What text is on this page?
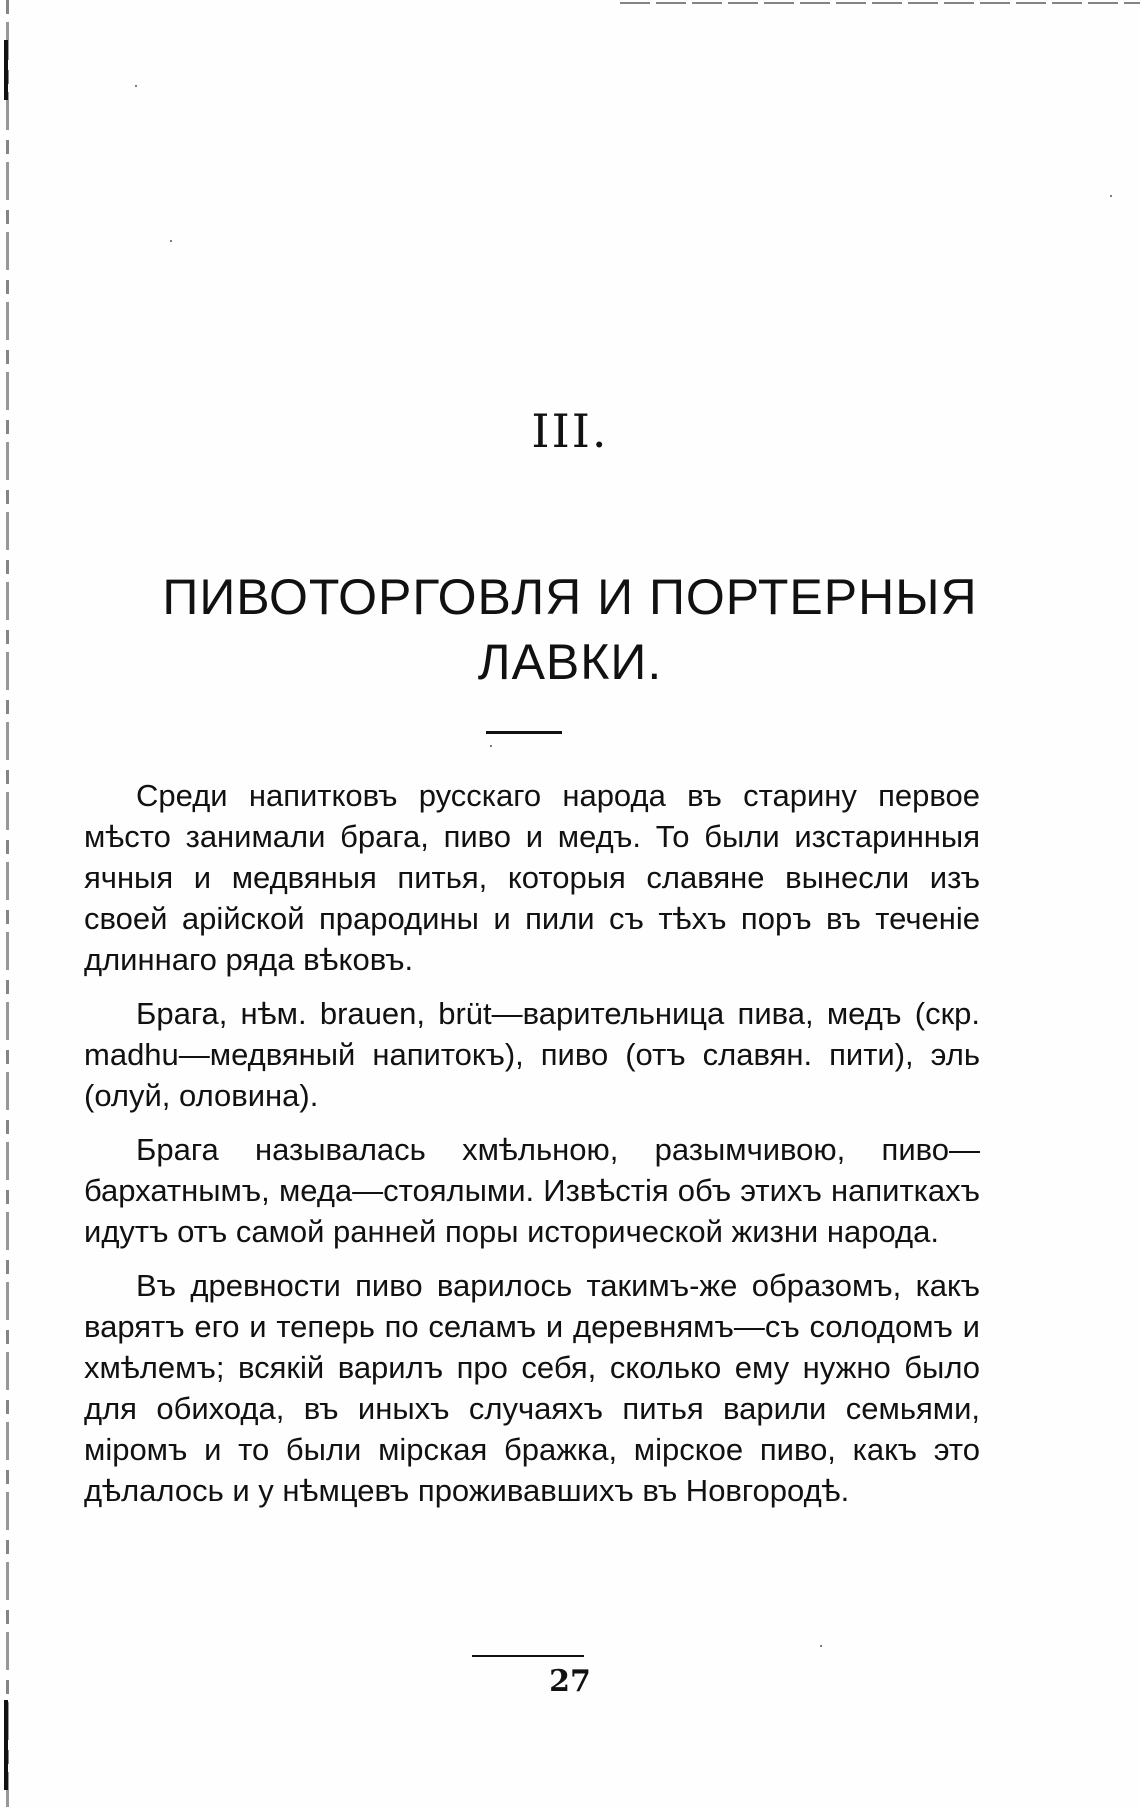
III.
ПИВОТОРГОВЛЯ И ПОРТЕРНЫЯ
ЛАВКИ.

Среди напитковъ русскаго народа въ старину первое мѣсто занимали брага, пиво и медъ. То были изстаринныя ячныя и медвяныя питья, которыя славяне вынесли изъ своей арійской прародины и пили съ тѣхъ поръ въ теченіе длиннаго ряда вѣковъ.

Брага, нѣм. brauen, brüt—варительница пива, медъ (скр. madhu—медвяный напитокъ), пиво (отъ славян. пити), эль (олуй, оловина).

Брага называлась хмѣльною, разымчивою, пиво—бархатнымъ, меда—стоялыми. Извѣстія объ этихъ напиткахъ идутъ отъ самой ранней поры исторической жизни народа.

Въ древности пиво варилось такимъ-же образомъ, какъ варятъ его и теперь по селамъ и деревнямъ—съ солодомъ и хмѣлемъ; всякій варилъ про себя, сколько ему нужно было для обихода, въ иныхъ случаяхъ питья варили семьями, міромъ и то были мірская бражка, мірское пиво, какъ это дѣлалось и у нѣмцевъ проживавшихъ въ Новгородѣ.

27
